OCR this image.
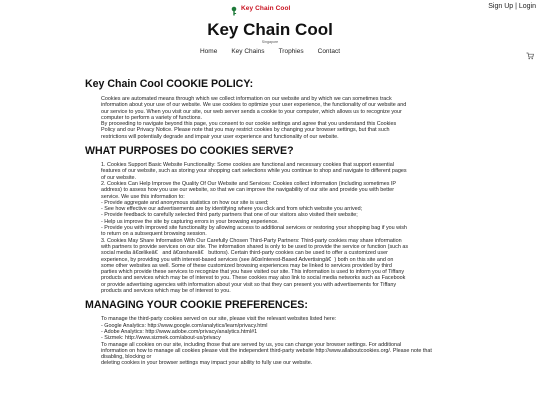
Key Chain Cool	Sign Up | Login
Key Chain Cool
Singapore
Home Key Chains Trophies Contact
Key Chain Cool COOKIE POLICY:
Cookies are automated means through which we collect information on our website and by which we can sometimes track
information about your use of our website. We use cookies to optimize your user experience, the functionality of our website and
our service to you. When you visit our site, our web server sends a cookie to your computer, which allows us to recognize your
computer to perform a variety of functions.
By proceeding to navigate beyond this page, you consent to our cookie settings and agree that you understand this Cookies
Policy and our Privacy Notice. Please note that you may restrict cookies by changing your browser settings, but that such
restrictions will potentially degrade and impair your user experience and functionality of our website.
WHAT PURPOSES DO COOKIES SERVE?
1. Cookies Support Basic Website Functionality: Some cookies are functional and necessary cookies that support essential
features of our website, such as storing your shopping cart selections while you continue to shop and navigate to different pages
of our website.
2. Cookies Can Help Improve the Quality Of Our Website and Services: Cookies collect information (including sometimes IP
address) to assess how you use our website, so that we can improve the navigability of our site and provide you with better
service. We use this information to:
- Provide aggregate and anonymous statistics on how our site is used;
- See how effective our advertisements are by identifying where you click and from which website you arrived;
- Provide feedback to carefully selected third party partners that one of our visitors also visited their website;
- Help us improve the site by capturing errors in your browsing experience.
- Provide you with improved site functionality by allowing access to additional services or restoring your shopping bag if you wish
to return on a subsequent browsing session.
3. Cookies May Share Information With Our Carefully Chosen Third-Party Partners: Third-party cookies may share information
with partners to provide services on our site. The information shared is only to be used to provide the service or function (such as
social media â€œlikeâ€ and â€œshareâ€ buttons). Certain third-party cookies can be used to offer a customized user
experience, by providing you with interest-based services (see â€œInterest-Based Advertisingâ€) both on this site and on
some other websites as well. Some of these customized browsing experiences may be linked to services provided by third
parties which provide these services to recognize that you have visited our site. This information is used to inform you of Tiffany
products and services which may be of interest to you. These cookies may also link to social media networks such as Facebook
or provide advertising agencies with information about your visit so that they can present you with advertisements for Tiffany
products and services which may be of interest to you.
MANAGING YOUR COOKIE PREFERENCES:
To manage the third-party cookies served on our site, please visit the relevant websites listed here:
- Google Analytics: http://www.google.com/analytics/learn/privacy.html
- Adobe Analytics: http://www.adobe.com/privacy/analytics.html#1
- Sizmek: http://www.sizmek.com/about-us/privacy
To manage all cookies on our site, including those that are served by us, you can change your browser settings. For additional
information on how to manage all cookies please visit the independent third-party website http://www.allaboutcookies.org/. Please note that disabling, blocking or
deleting cookies in your browser settings may impact your ability to fully use our website.
